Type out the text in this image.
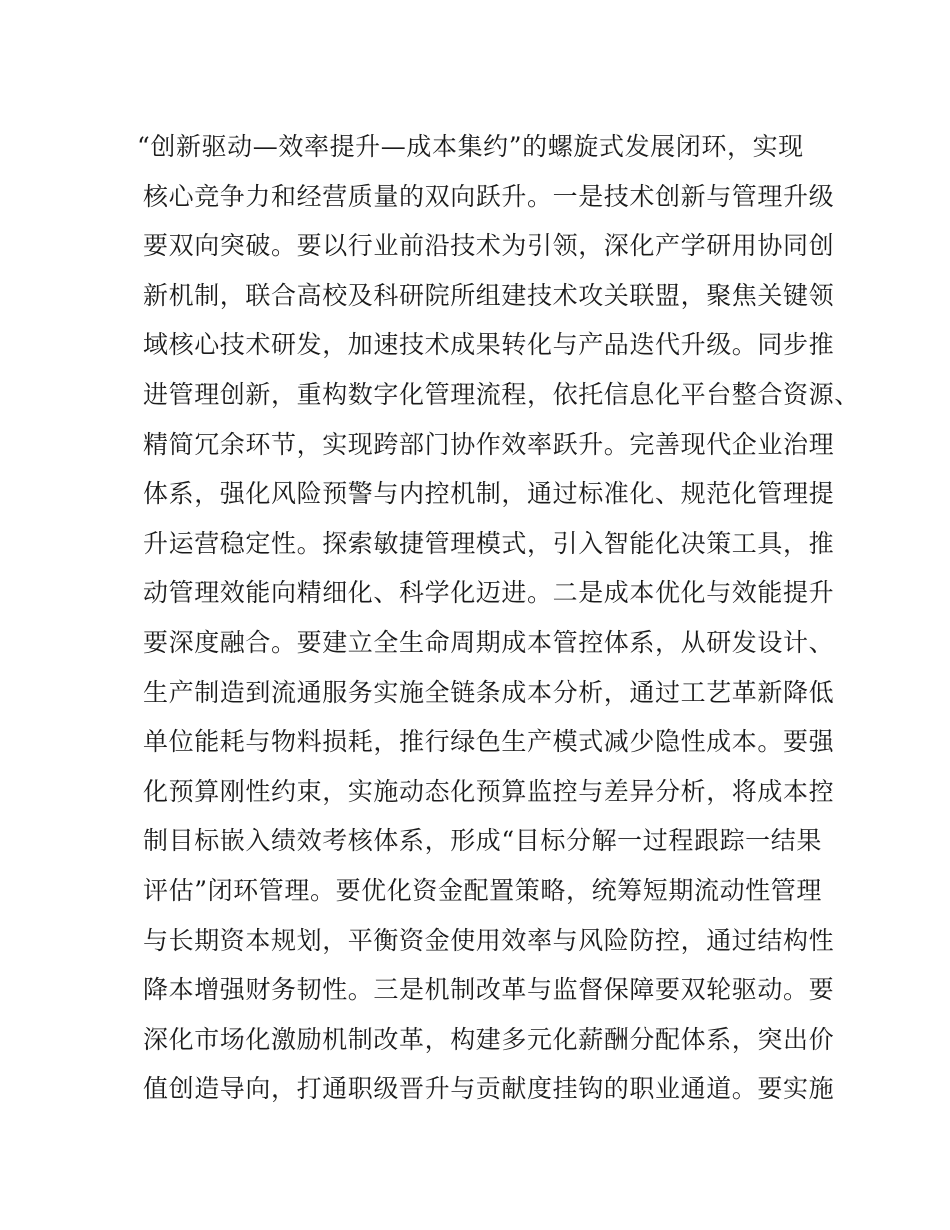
“创新驱动—效率提升—成本集约”的螺旋式发展闭环，实现
核心竞争力和经营质量的双向跃升。一是技术创新与管理升级
要双向突破。要以行业前沿技术为引领，深化产学研用协同创
新机制，联合高校及科研院所组建技术攻关联盟，聚焦关键领
域核心技术研发，加速技术成果转化与产品迭代升级。同步推
进管理创新，重构数字化管理流程，依托信息化平台整合资源、
精简冗余环节，实现跨部门协作效率跃升。完善现代企业治理
体系，强化风险预警与内控机制，通过标准化、规范化管理提
升运营稳定性。探索敏捷管理模式，引入智能化决策工具，推
动管理效能向精细化、科学化迈进。二是成本优化与效能提升
要深度融合。要建立全生命周期成本管控体系，从研发设计、
生产制造到流通服务实施全链条成本分析，通过工艺革新降低
单位能耗与物料损耗，推行绿色生产模式减少隐性成本。要强
化预算刚性约束，实施动态化预算监控与差异分析，将成本控
制目标嵌入绩效考核体系，形成“目标分解一过程跟踪一结果
评估”闭环管理。要优化资金配置策略，统筹短期流动性管理
与长期资本规划，平衡资金使用效率与风险防控，通过结构性
降本增强财务韧性。三是机制改革与监督保障要双轮驱动。要
深化市场化激励机制改革，构建多元化薪酬分配体系，突出价
值创造导向，打通职级晋升与贡献度挂钩的职业通道。要实施
